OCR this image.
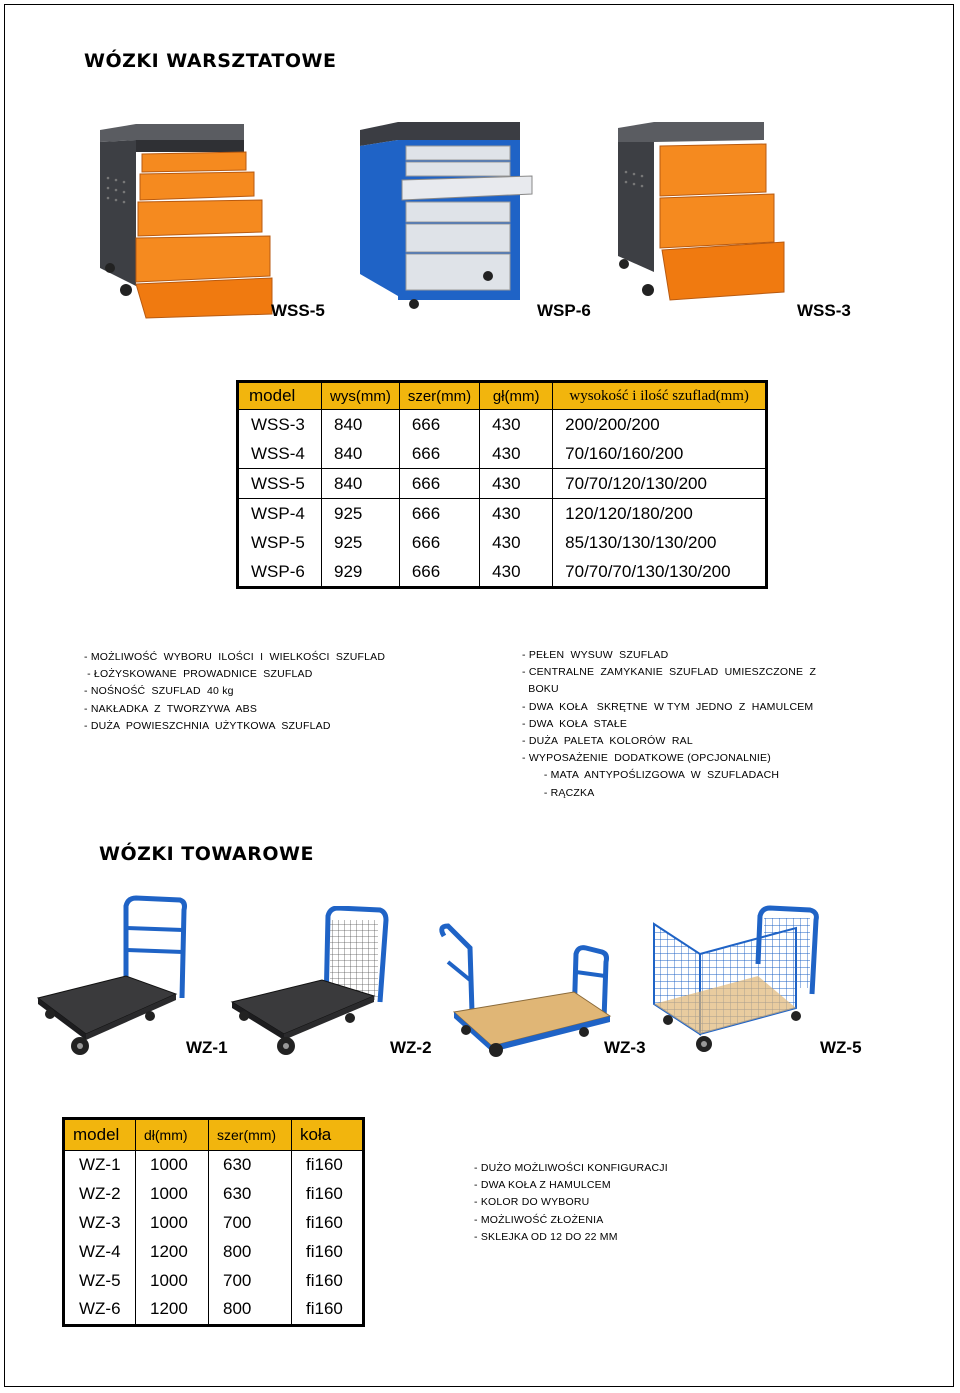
WÓZKI WARSZTATOWE
WSS-5	WSP-6	WSS-3
model	wys(mm)	szer(mm)	gł(mm)	wysokość i ilość szuflad(mm)
WSS-3	840	666	430	200/200/200
WSS-4	840	666	430	70/160/160/200
WSS-5	840	666	430	70/70/120/130/200
WSP-4	925	666	430	120/120/180/200
WSP-5	925	666	430	85/130/130/130/200
WSP-6	929	666	430	70/70/70/130/130/200
- MOŻLIWOŚĆ  WYBORU  ILOŚCI  I  WIELKOŚCI  SZUFLAD
- ŁOŻYSKOWANE  PROWADNICE  SZUFLAD
- NOŚNOŚĆ  SZUFLAD  40 kg
- NAKŁADKA  Z  TWORZYWA  ABS
- DUŻA  POWIESZCHNIA  UŻYTKOWA  SZUFLAD
- PEŁEN  WYSUW  SZUFLAD
- CENTRALNE  ZAMYKANIE  SZUFLAD  UMIESZCZONE  Z
BOKU
- DWA  KOŁA   SKRĘTNE  W TYM  JEDNO  Z  HAMULCEM
- DWA  KOŁA  STAŁE
- DUŻA  PALETA  KOLORÓW  RAL
- WYPOSAŻENIE  DODATKOWE (OPCJONALNIE)
- MATA  ANTYPOŚLIZGOWA  W  SZUFLADACH
- RĄCZKA
WÓZKI TOWAROWE
WZ-1	WZ-2	WZ-3	WZ-5
model	dł(mm)	szer(mm)	koła
WZ-1	1000	630	fi160
WZ-2	1000	630	fi160
WZ-3	1000	700	fi160
WZ-4	1200	800	fi160
WZ-5	1000	700	fi160
WZ-6	1200	800	fi160
- DUŻO MOŻLIWOŚCI KONFIGURACJI
- DWA KOŁA Z HAMULCEM
- KOLOR DO WYBORU
- MOŻLIWOŚĆ ZŁOŻENIA
- SKLEJKA OD 12 DO 22 MM
